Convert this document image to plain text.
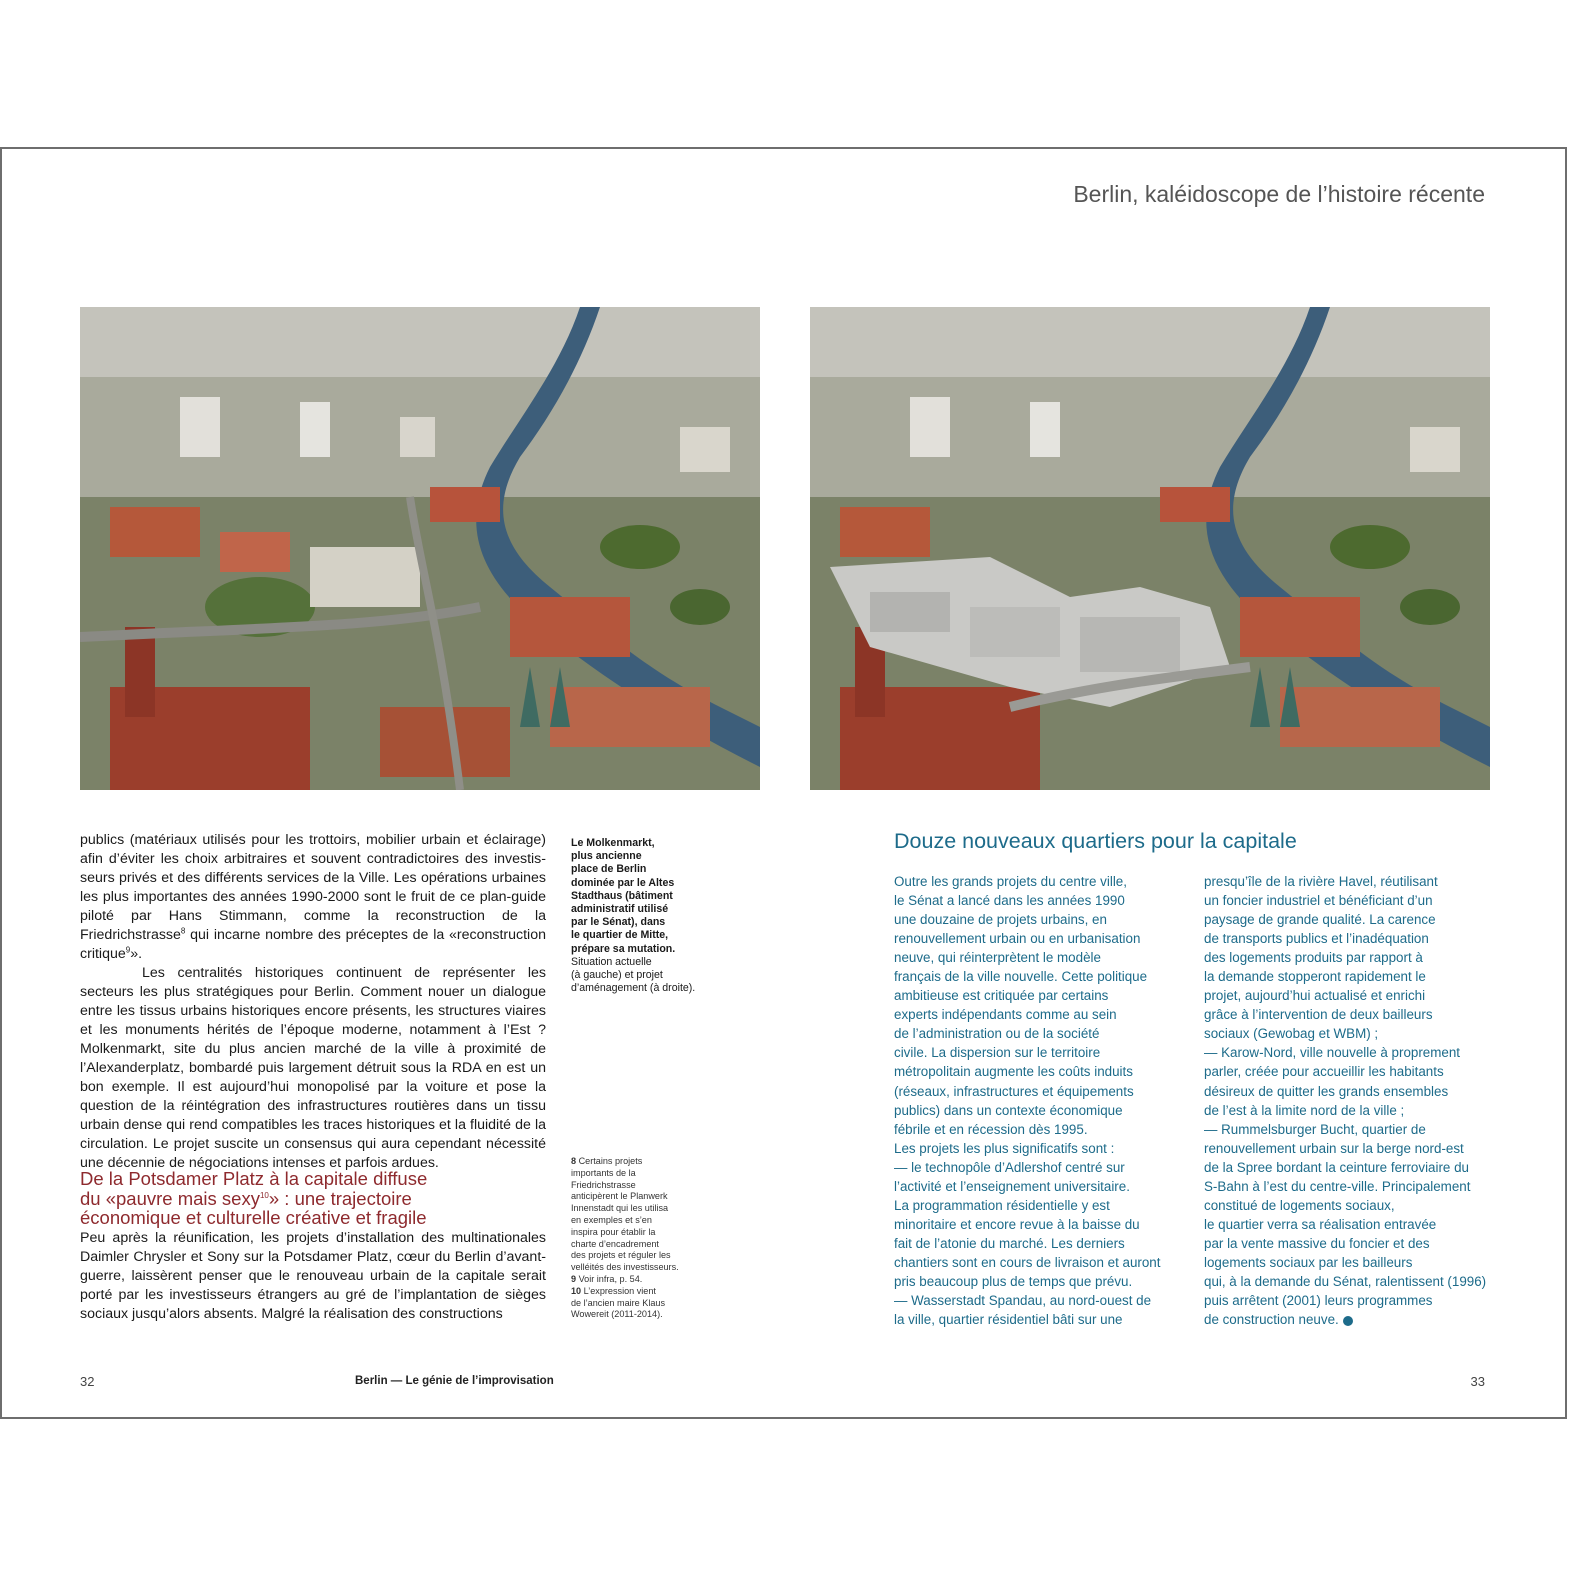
Berlin, kaléidoscope de l’histoire récente

publics (matériaux utilisés pour les trottoirs, mobilier urbain et éclairage) afin d’éviter les choix arbitraires et souvent contradictoires des investis- seurs privés et des différents services de la Ville. Les opérations urbaines les plus importantes des années 1990-2000 sont le fruit de ce plan-guide piloté par Hans Stimmann, comme la reconstruction de la Friedrichstrasse$^8$ qui incarne nombre des préceptes de la «reconstruction critique$^9$».

Les centralités historiques continuent de représenter les secteurs les plus stratégiques pour Berlin. Comment nouer un dialogue entre les tissus urbains historiques encore présents, les structures viaires et les monuments hérités de l’époque moderne, notamment à l’Est ? Molkenmarkt, site du plus ancien marché de la ville à proximité de l’Alexanderplatz, bombardé puis largement détruit sous la RDA en est un bon exemple. Il est aujourd’hui monopolisé par la voiture et pose la question de la réintégration des infrastructures routières dans un tissu urbain dense qui rend compatibles les traces historiques et la fluidité de la circulation. Le projet suscite un consensus qui aura cependant nécessité une décennie de négociations intenses et parfois ardues.

De la Potsdamer Platz à la capitale diffuse

du «pauvre mais sexy$^{10}$» : une trajectoire

économique et culturelle créative et fragile

Peu après la réunification, les projets d’installation des multinationales Daimler Chrysler et Sony sur la Potsdamer Platz, cœur du Berlin d’avant-guerre, laissèrent penser que le renouveau urbain de la capitale serait porté par les investisseurs étrangers au gré de l’implantation de sièges sociaux jusqu’alors absents. Malgré la réalisation des constructions

Le Molkenmarkt,
plus ancienne
place de Berlin
dominée par le Altes
Stadthaus (bâtiment
administratif utilisé
par le Sénat), dans
le quartier de Mitte,
prépare sa mutation.
Situation actuelle
(à gauche) et projet
d’aménagement (à droite).

8 Certains projets

importants de la

Friedrichstrasse

anticipèrent le Planwerk

Innenstadt qui les utilisa

en exemples et s’en

inspira pour établir la

charte d’encadrement

des projets et réguler les

velléités des investisseurs.

9 Voir infra, p. 54.

10 L’expression vient

de l’ancien maire Klaus

Wowereit (2011-2014).

Douze nouveaux quartiers pour la capitale

Outre les grands projets du centre ville,

le Sénat a lancé dans les années 1990

une douzaine de projets urbains, en

renouvellement urbain ou en urbanisation

neuve, qui réinterprètent le modèle

français de la ville nouvelle. Cette politique

ambitieuse est critiquée par certains

experts indépendants comme au sein

de l’administration ou de la société

civile. La dispersion sur le territoire

métropolitain augmente les coûts induits

(réseaux, infrastructures et équipements

publics) dans un contexte économique

fébrile et en récession dès 1995.

Les projets les plus significatifs sont :

— le technopôle d’Adlershof centré sur

l’activité et l’enseignement universitaire.

La programmation résidentielle y est

minoritaire et encore revue à la baisse du

fait de l’atonie du marché. Les derniers

chantiers sont en cours de livraison et auront

pris beaucoup plus de temps que prévu.

— Wasserstadt Spandau, au nord-ouest de

la ville, quartier résidentiel bâti sur une

presqu’île de la rivière Havel, réutilisant

un foncier industriel et bénéficiant d’un

paysage de grande qualité. La carence

de transports publics et l’inadéquation

des logements produits par rapport à

la demande stopperont rapidement le

projet, aujourd’hui actualisé et enrichi

grâce à l’intervention de deux bailleurs

sociaux (Gewobag et WBM) ;

— Karow-Nord, ville nouvelle à proprement

parler, créée pour accueillir les habitants

désireux de quitter les grands ensembles

de l’est à la limite nord de la ville ;

— Rummelsburger Bucht, quartier de

renouvellement urbain sur la berge nord-est

de la Spree bordant la ceinture ferroviaire du

S-Bahn à l’est du centre-ville. Principalement

constitué de logements sociaux,

le quartier verra sa réalisation entravée

par la vente massive du foncier et des

logements sociaux par les bailleurs

qui, à la demande du Sénat, ralentissent (1996)

puis arrêtent (2001) leurs programmes

de construction neuve.

32	Berlin — Le génie de l’improvisation	33
